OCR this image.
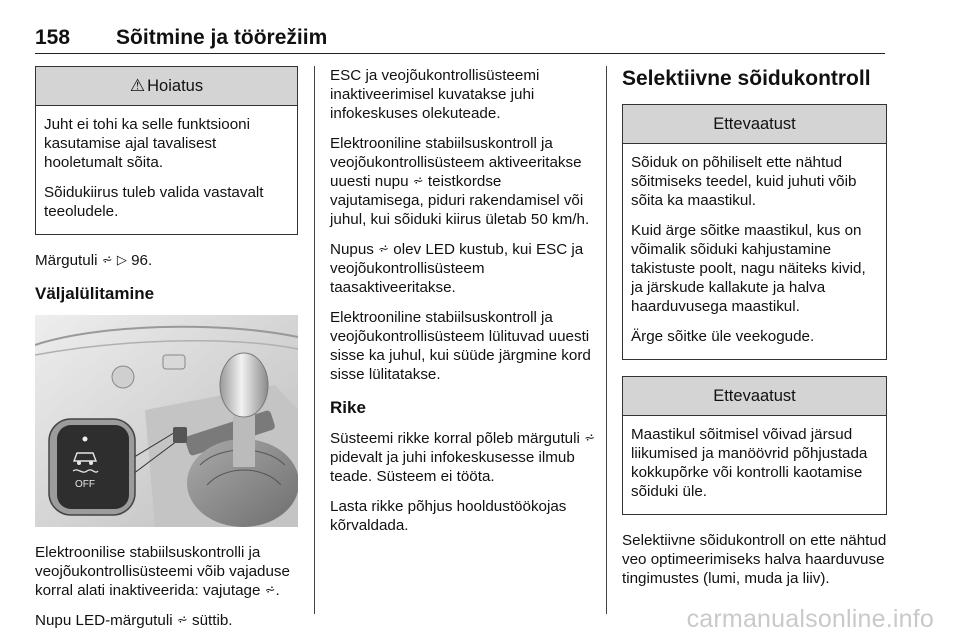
158 Sõitmine ja töörežiim
⚠ Hoiatus

Juht ei tohi ka selle funktsiooni kasutamise ajal tavalisest hooletumalt sõita.

Sõidukiirus tuleb valida vastavalt teeoludele.

Märgutuli ⩫ ▷ 96.

Väljalülitamine
OFF

Elektroonilise stabiilsuskontrolli ja veojõukontrollisüsteemi võib vajaduse korral alati inaktiveerida: vajutage ⩫.

Nupu LED-märgutuli ⩫ süttib.

ESC ja veojõukontrollisüsteemi inaktiveerimisel kuvatakse juhi infokeskuses olekuteade.

Elektrooniline stabiilsuskontroll ja veojõukontrollisüsteem aktiveeritakse uuesti nupu ⩫ teistkordse vajutamisega, piduri rakendamisel või juhul, kui sõiduki kiirus ületab 50 km/h.

Nupus ⩫ olev LED kustub, kui ESC ja veojõukontrollisüsteem taasaktiveeritakse.

Elektrooniline stabiilsuskontroll ja veojõukontrollisüsteem lülituvad uuesti sisse ka juhul, kui süüde järgmine kord sisse lülitatakse.

Rike

Süsteemi rikke korral põleb märgutuli ⩫ pidevalt ja juhi infokeskusesse ilmub teade. Süsteem ei tööta.

Lasta rikke põhjus hooldustöökojas kõrvaldada.

Selektiivne sõidukontroll
Ettevaatust

Sõiduk on põhiliselt ette nähtud sõitmiseks teedel, kuid juhuti võib sõita ka maastikul.

Kuid ärge sõitke maastikul, kus on võimalik sõiduki kahjustamine takistuste poolt, nagu näiteks kivid, ja järskude kallakute ja halva haarduvusega maastikul.

Ärge sõitke üle veekogude.

Ettevaatust

Maastikul sõitmisel võivad järsud liikumised ja manöövrid põhjustada kokkupõrke või kontrolli kaotamise sõiduki üle.

Selektiivne sõidukontroll on ette nähtud veo optimeerimiseks halva haarduvuse tingimustes (lumi, muda ja liiv).

carmanualsonline.info
